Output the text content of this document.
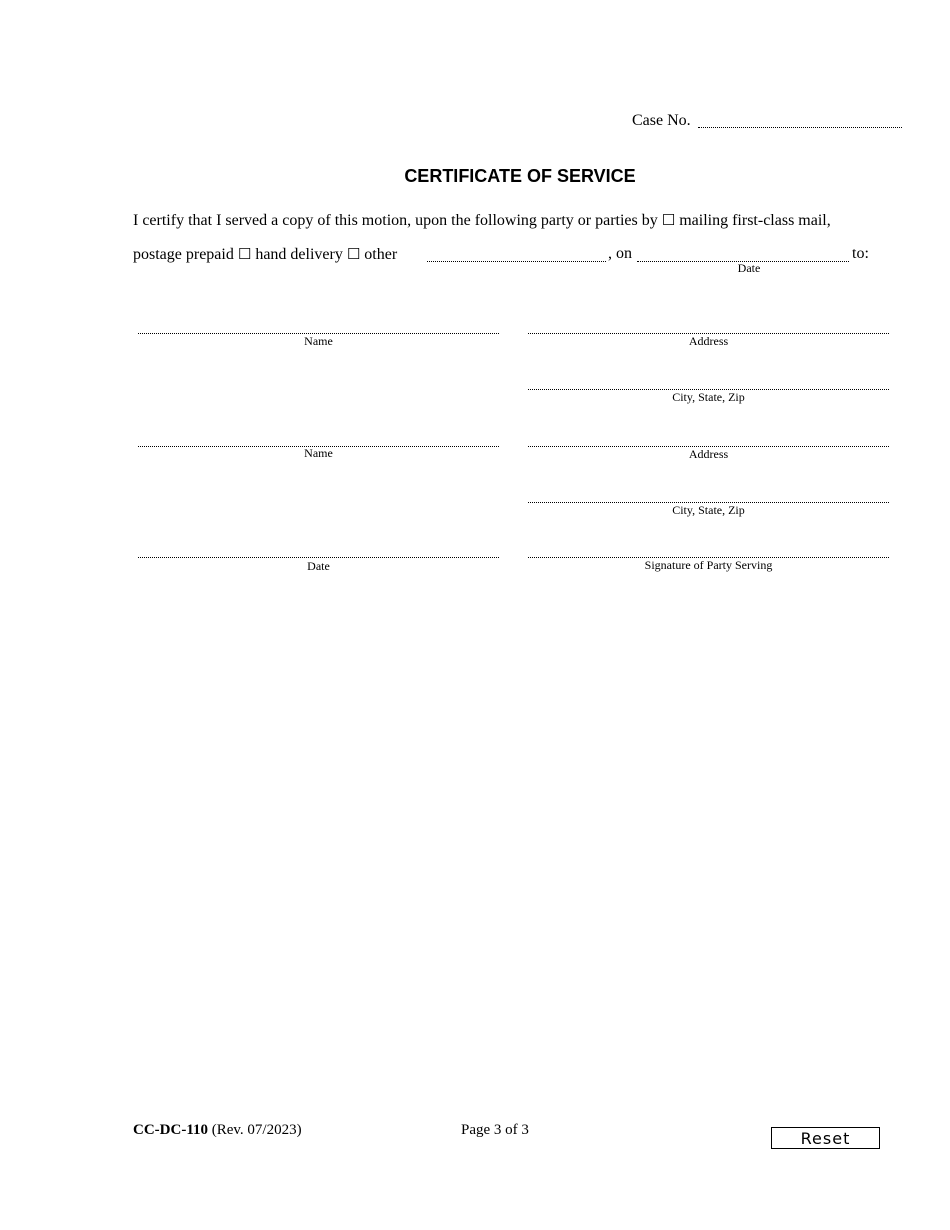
Case No.
CERTIFICATE OF SERVICE
I certify that I served a copy of this motion, upon the following party or parties by ☐ mailing first-class mail,
postage prepaid ☐ hand delivery ☐ other	, on	to:
Date
Name	Address
City, State, Zip
Name	Address
City, State, Zip
Date	Signature of Party Serving
CC-DC-110 (Rev. 07/2023)	Page 3 of 3	Reset
